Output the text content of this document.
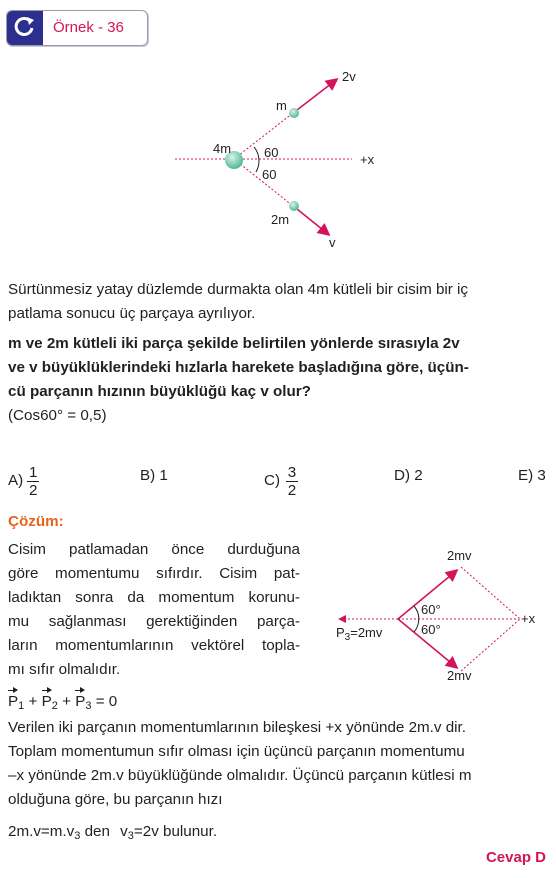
Örnek - 36
4m
m
2m
2v
v
+x
60
60
Sürtünmesiz yatay düzlemde durmakta olan 4m kütleli bir cisim bir iç
patlama sonucu üç parçaya ayrılıyor.
m ve 2m kütleli iki parça şekilde belirtilen yönlerde sırasıyla 2v
ve v büyüklüklerindeki hızlarla harekete başladığına göre, üçün-
cü parçanın hızının büyüklüğü kaç v olur?
(Cos60° = 0,5)
$A) \frac{1}{2}$	B) 1	$C) \frac{3}{2}$	D) 2	E) 3
Çözüm:
Cisim patlamadan önce durduğuna
göre momentumu sıfırdır. Cisim pat-
ladıktan sonra da momentum korunu-
mu sağlanması gerektiğinden parça-
ların momentumlarının vektörel topla-
mı sıfır olmalıdır.
$P_1 + P_2 + P_3 = 0$
Verilen iki parçanın momentumlarının bileşkesi +x yönünde 2m.v dir.
Toplam momentumun sıfır olması için üçüncü parçanın momentumu
–x yönünde 2m.v büyüklüğünde olmalıdır. Üçüncü parçanın kütlesi m
olduğuna göre, bu parçanın hızı
$2m.v=m.v_3$ den $v_3=2v$ bulunur.
Cevap D
2mv
2mv
+x
60°
60°
$P_3=2mv$
